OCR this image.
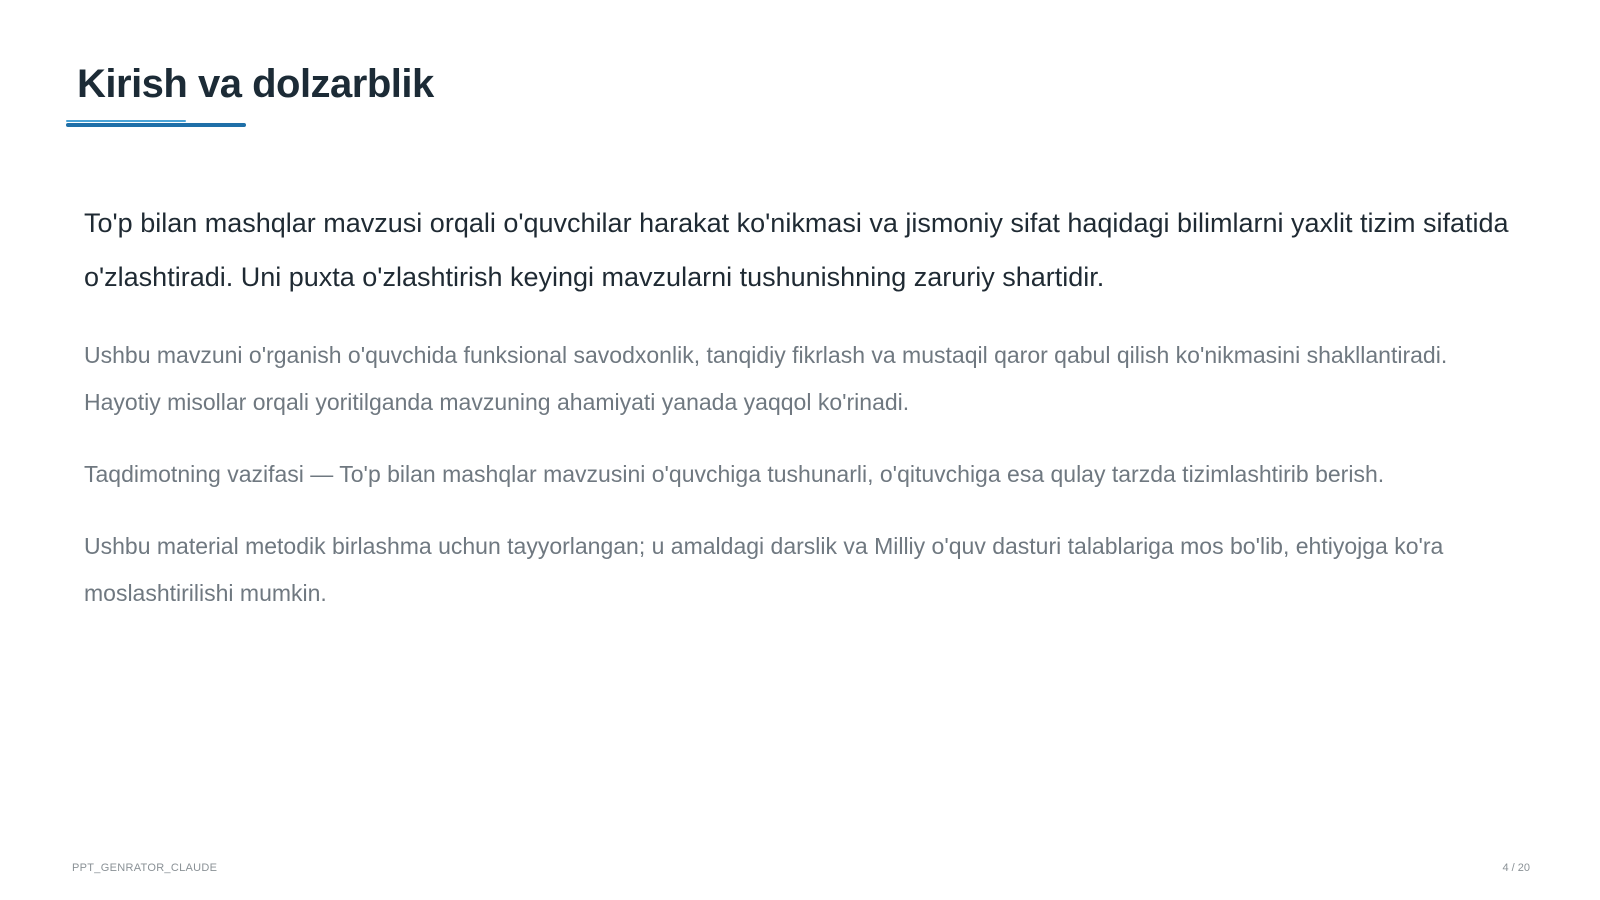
Kirish va dolzarblik

To'p bilan mashqlar mavzusi orqali o'quvchilar harakat ko'nikmasi va jismoniy sifat haqidagi bilimlarni yaxlit tizim sifatida o'zlashtiradi. Uni puxta o'zlashtirish keyingi mavzularni tushunishning zaruriy shartidir.

Ushbu mavzuni o'rganish o'quvchida funksional savodxonlik, tanqidiy fikrlash va mustaqil qaror qabul qilish ko'nikmasini shakllantiradi. Hayotiy misollar orqali yoritilganda mavzuning ahamiyati yanada yaqqol ko'rinadi.

Taqdimotning vazifasi — To'p bilan mashqlar mavzusini o'quvchiga tushunarli, o'qituvchiga esa qulay tarzda tizimlashtirib berish.

Ushbu material metodik birlashma uchun tayyorlangan; u amaldagi darslik va Milliy o'quv dasturi talablariga mos bo'lib, ehtiyojga ko'ra moslashtirilishi mumkin.

PPT_GENRATOR_CLAUDE	4 / 20
